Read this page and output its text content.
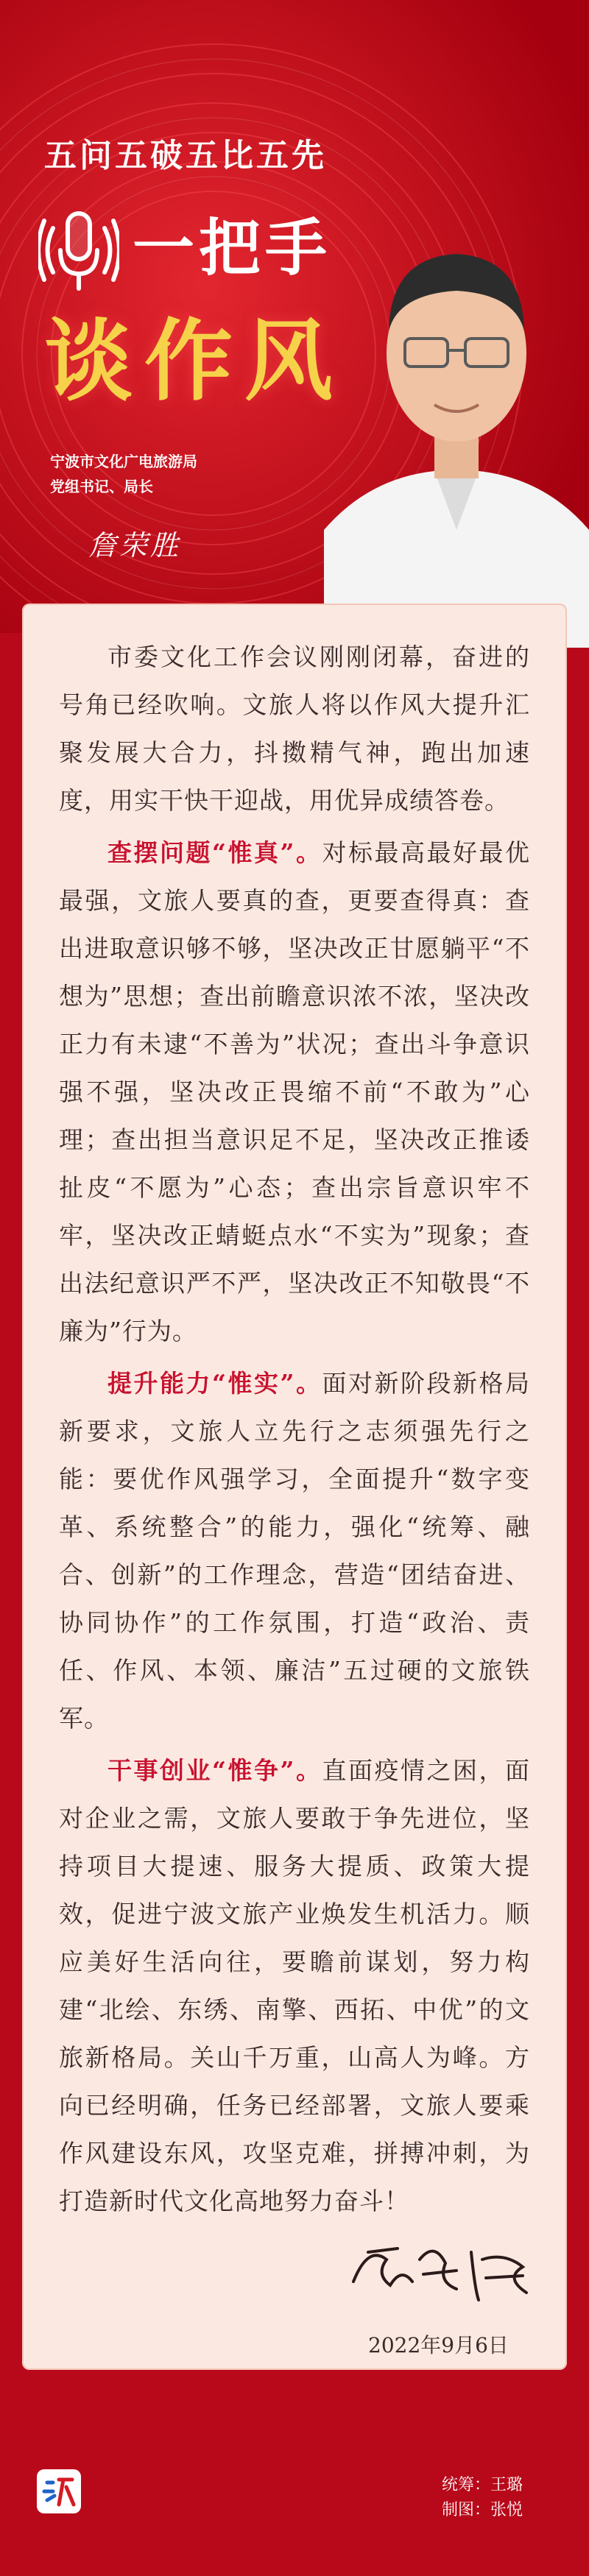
五问五破五比五先
一把手
谈作风
宁波市文化广电旅游局
党组书记、局长
詹荣胜

市委文化工作会议刚刚闭幕，奋进的号角已经吹响。文旅人将以作风大提升汇聚发展大合力，抖擞精气神，跑出加速度，用实干快干迎战，用优异成绩答卷。

查摆问题“惟真”。对标最高最好最优最强，文旅人要真的查，更要查得真：查出进取意识够不够，坚决改正甘愿躺平“不想为”思想；查出前瞻意识浓不浓，坚决改正力有未逮“不善为”状况；查出斗争意识强不强，坚决改正畏缩不前“不敢为”心理；查出担当意识足不足，坚决改正推诿扯皮“不愿为”心态；查出宗旨意识牢不牢，坚决改正蜻蜓点水“不实为”现象；查出法纪意识严不严，坚决改正不知敬畏“不廉为”行为。

提升能力“惟实”。面对新阶段新格局新要求，文旅人立先行之志须强先行之能：要优作风强学习，全面提升“数字变革、系统整合”的能力，强化“统筹、融合、创新”的工作理念，营造“团结奋进、协同协作”的工作氛围，打造“政治、责任、作风、本领、廉洁”五过硬的文旅铁军。

干事创业“惟争”。直面疫情之困，面对企业之需，文旅人要敢于争先进位，坚持项目大提速、服务大提质、政策大提效，促进宁波文旅产业焕发生机活力。顺应美好生活向往，要瞻前谋划，努力构建“北绘、东绣、南擎、西拓、中优”的文旅新格局。关山千万重，山高人为峰。方向已经明确，任务已经部署，文旅人要乘作风建设东风，攻坚克难，拼搏冲刺，为打造新时代文化高地努力奋斗！

2022年9月6日
统筹：王璐
制图：张悦
